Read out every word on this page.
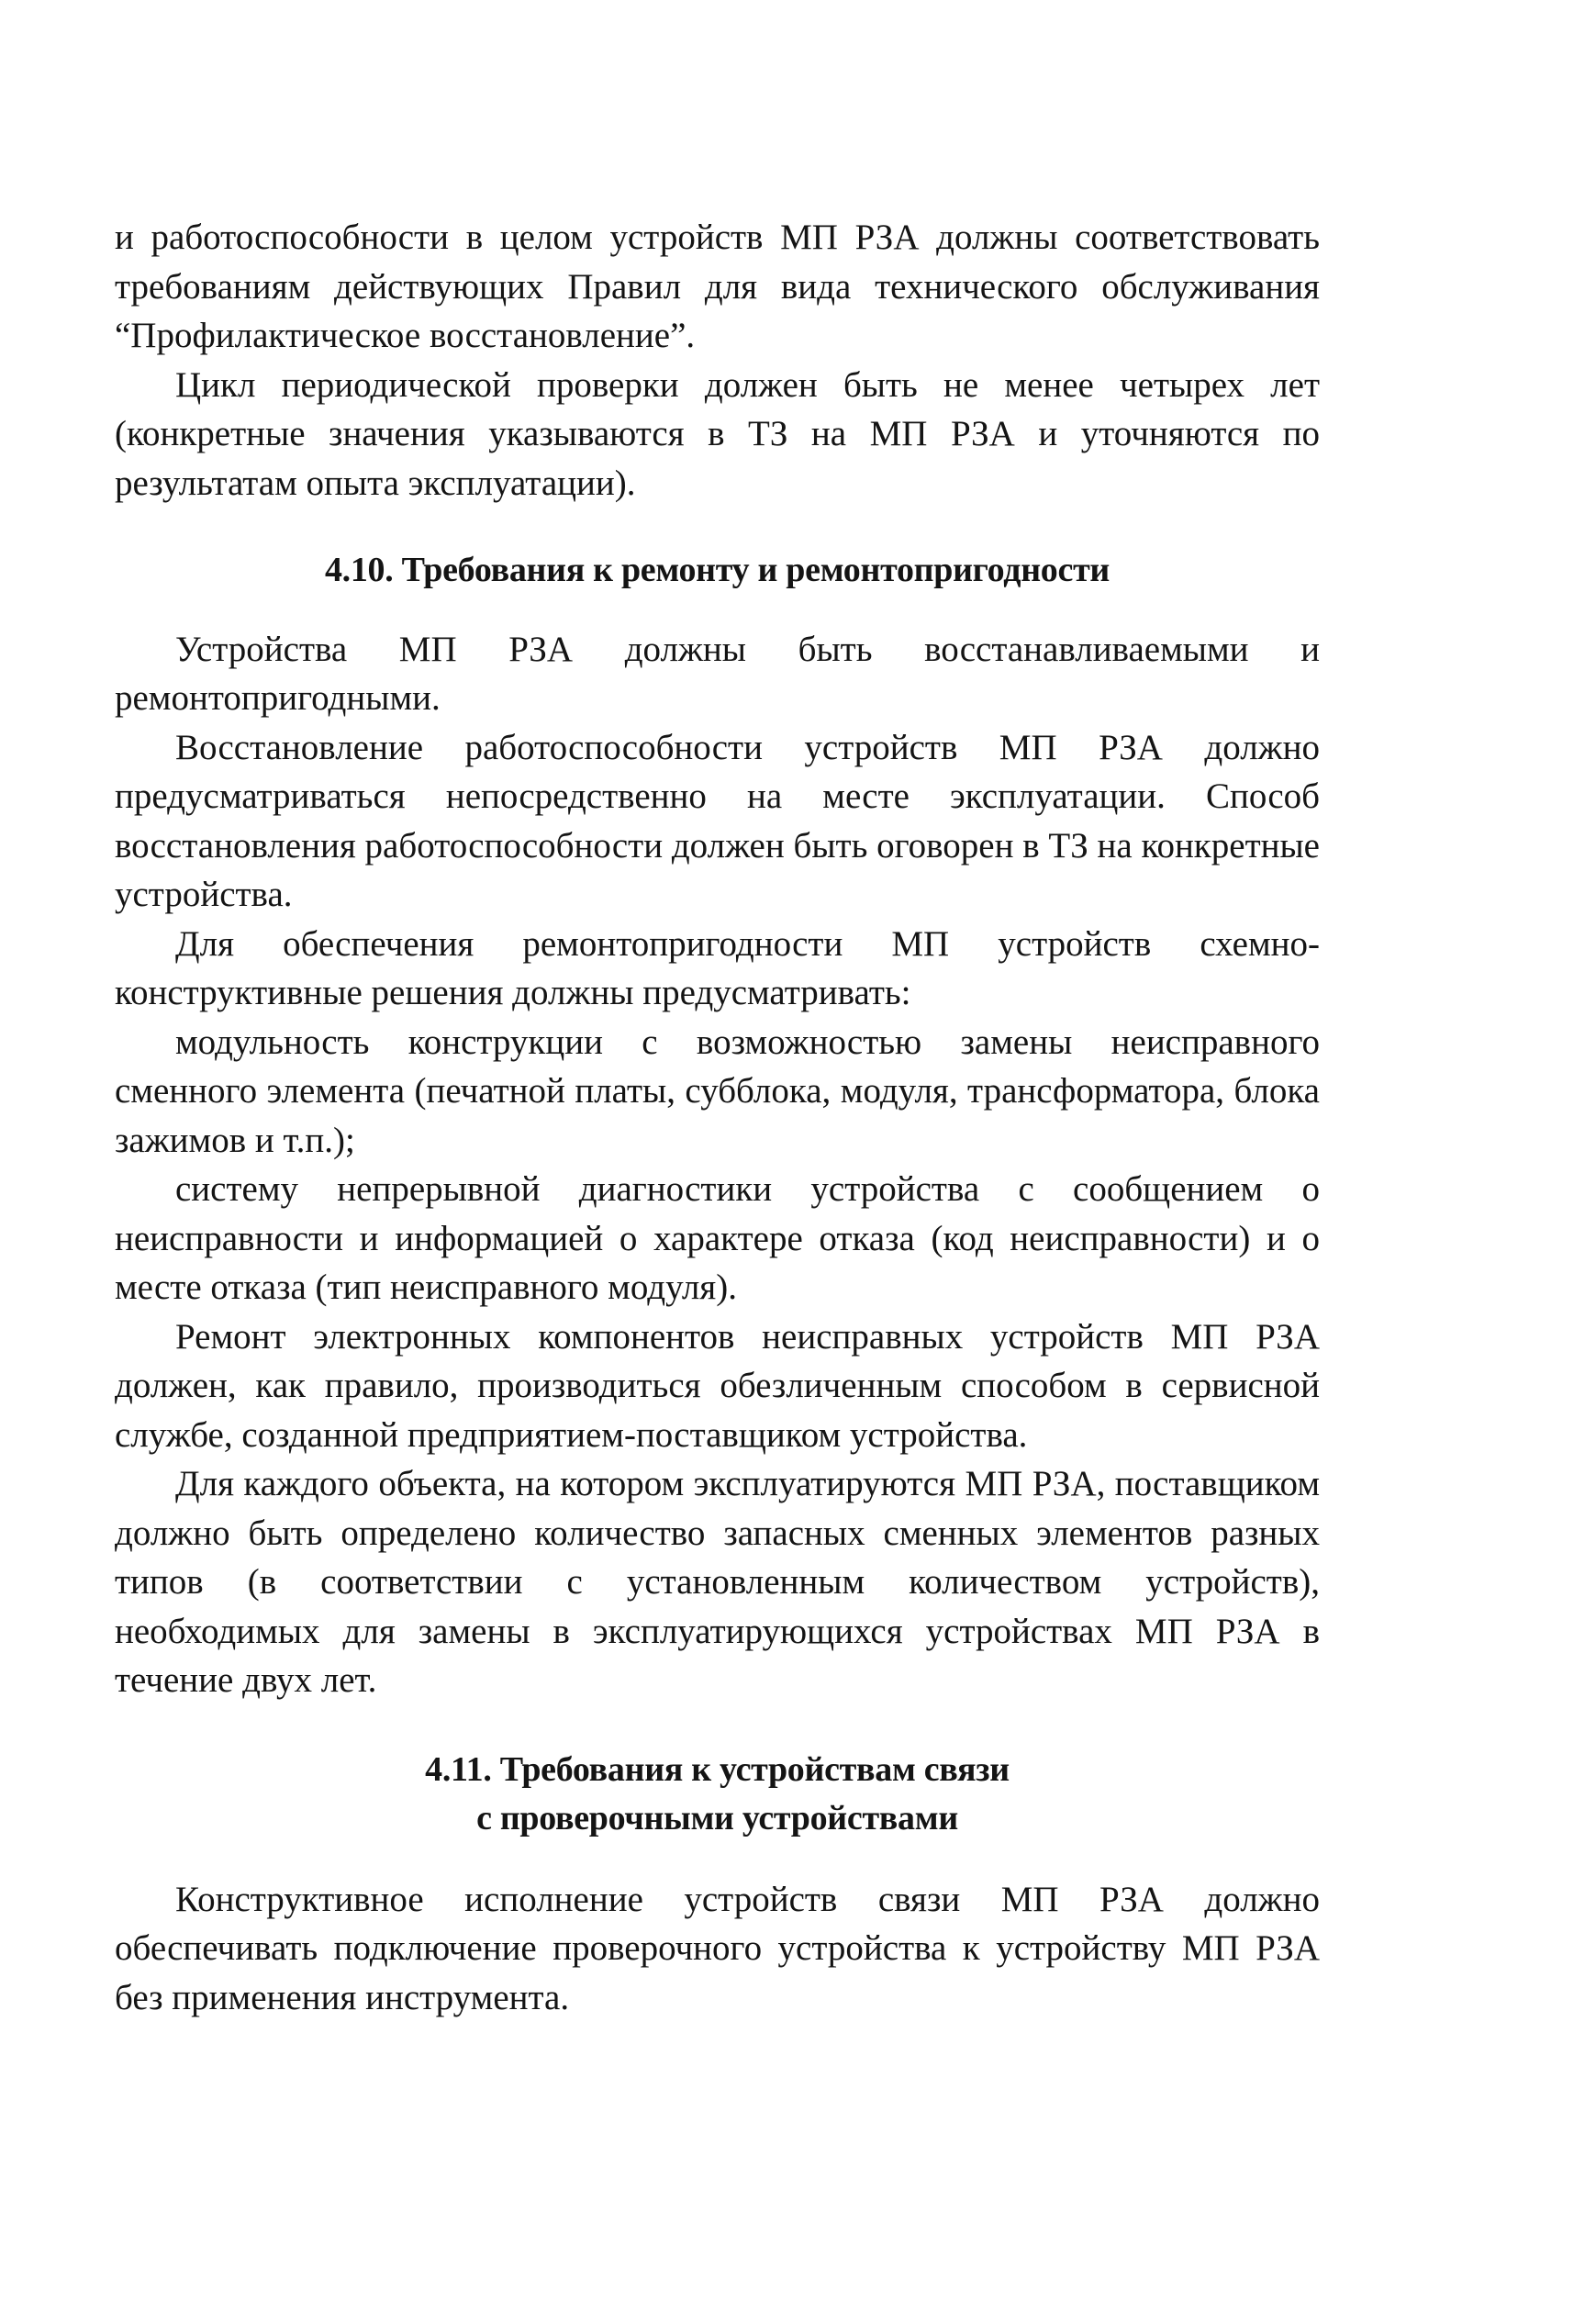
и работоспособности в целом устройств МП РЗА должны соответствовать требованиям действующих Правил для вида технического обслуживания “Профилактическое восстановление”.

Цикл периодической проверки должен быть не менее четырех лет (конкретные значения указываются в ТЗ на МП РЗА и уточняются по результатам опыта эксплуатации).

4.10. Требования к ремонту и ремонтопригодности

Устройства МП РЗА должны быть восстанавливаемыми и ремонтопригодными.

Восстановление работоспособности устройств МП РЗА должно предусматриваться непосредственно на месте эксплуатации. Способ восстановления работоспособности должен быть оговорен в ТЗ на конкретные устройства.

Для обеспечения ремонтопригодности МП устройств схемно-конструктивные решения должны предусматривать:

модульность конструкции с возможностью замены неисправного сменного элемента (печатной платы, субблока, модуля, трансформатора, блока зажимов и т.п.);

систему непрерывной диагностики устройства с сообщением о неисправности и информацией о характере отказа (код неисправности) и о месте отказа (тип неисправного модуля).

Ремонт электронных компонентов неисправных устройств МП РЗА должен, как правило, производиться обезличенным способом в сервисной службе, созданной предприятием-поставщиком устройства.

Для каждого объекта, на котором эксплуатируются МП РЗА, поставщиком должно быть определено количество запасных сменных элементов разных типов (в соответствии с установленным количеством устройств), необходимых для замены в эксплуатирующихся устройствах МП РЗА в течение двух лет.

4.11. Требования к устройствам связи
с проверочными устройствами

Конструктивное исполнение устройств связи МП РЗА должно обеспечивать подключение проверочного устройства к устройству МП РЗА без применения инструмента.
